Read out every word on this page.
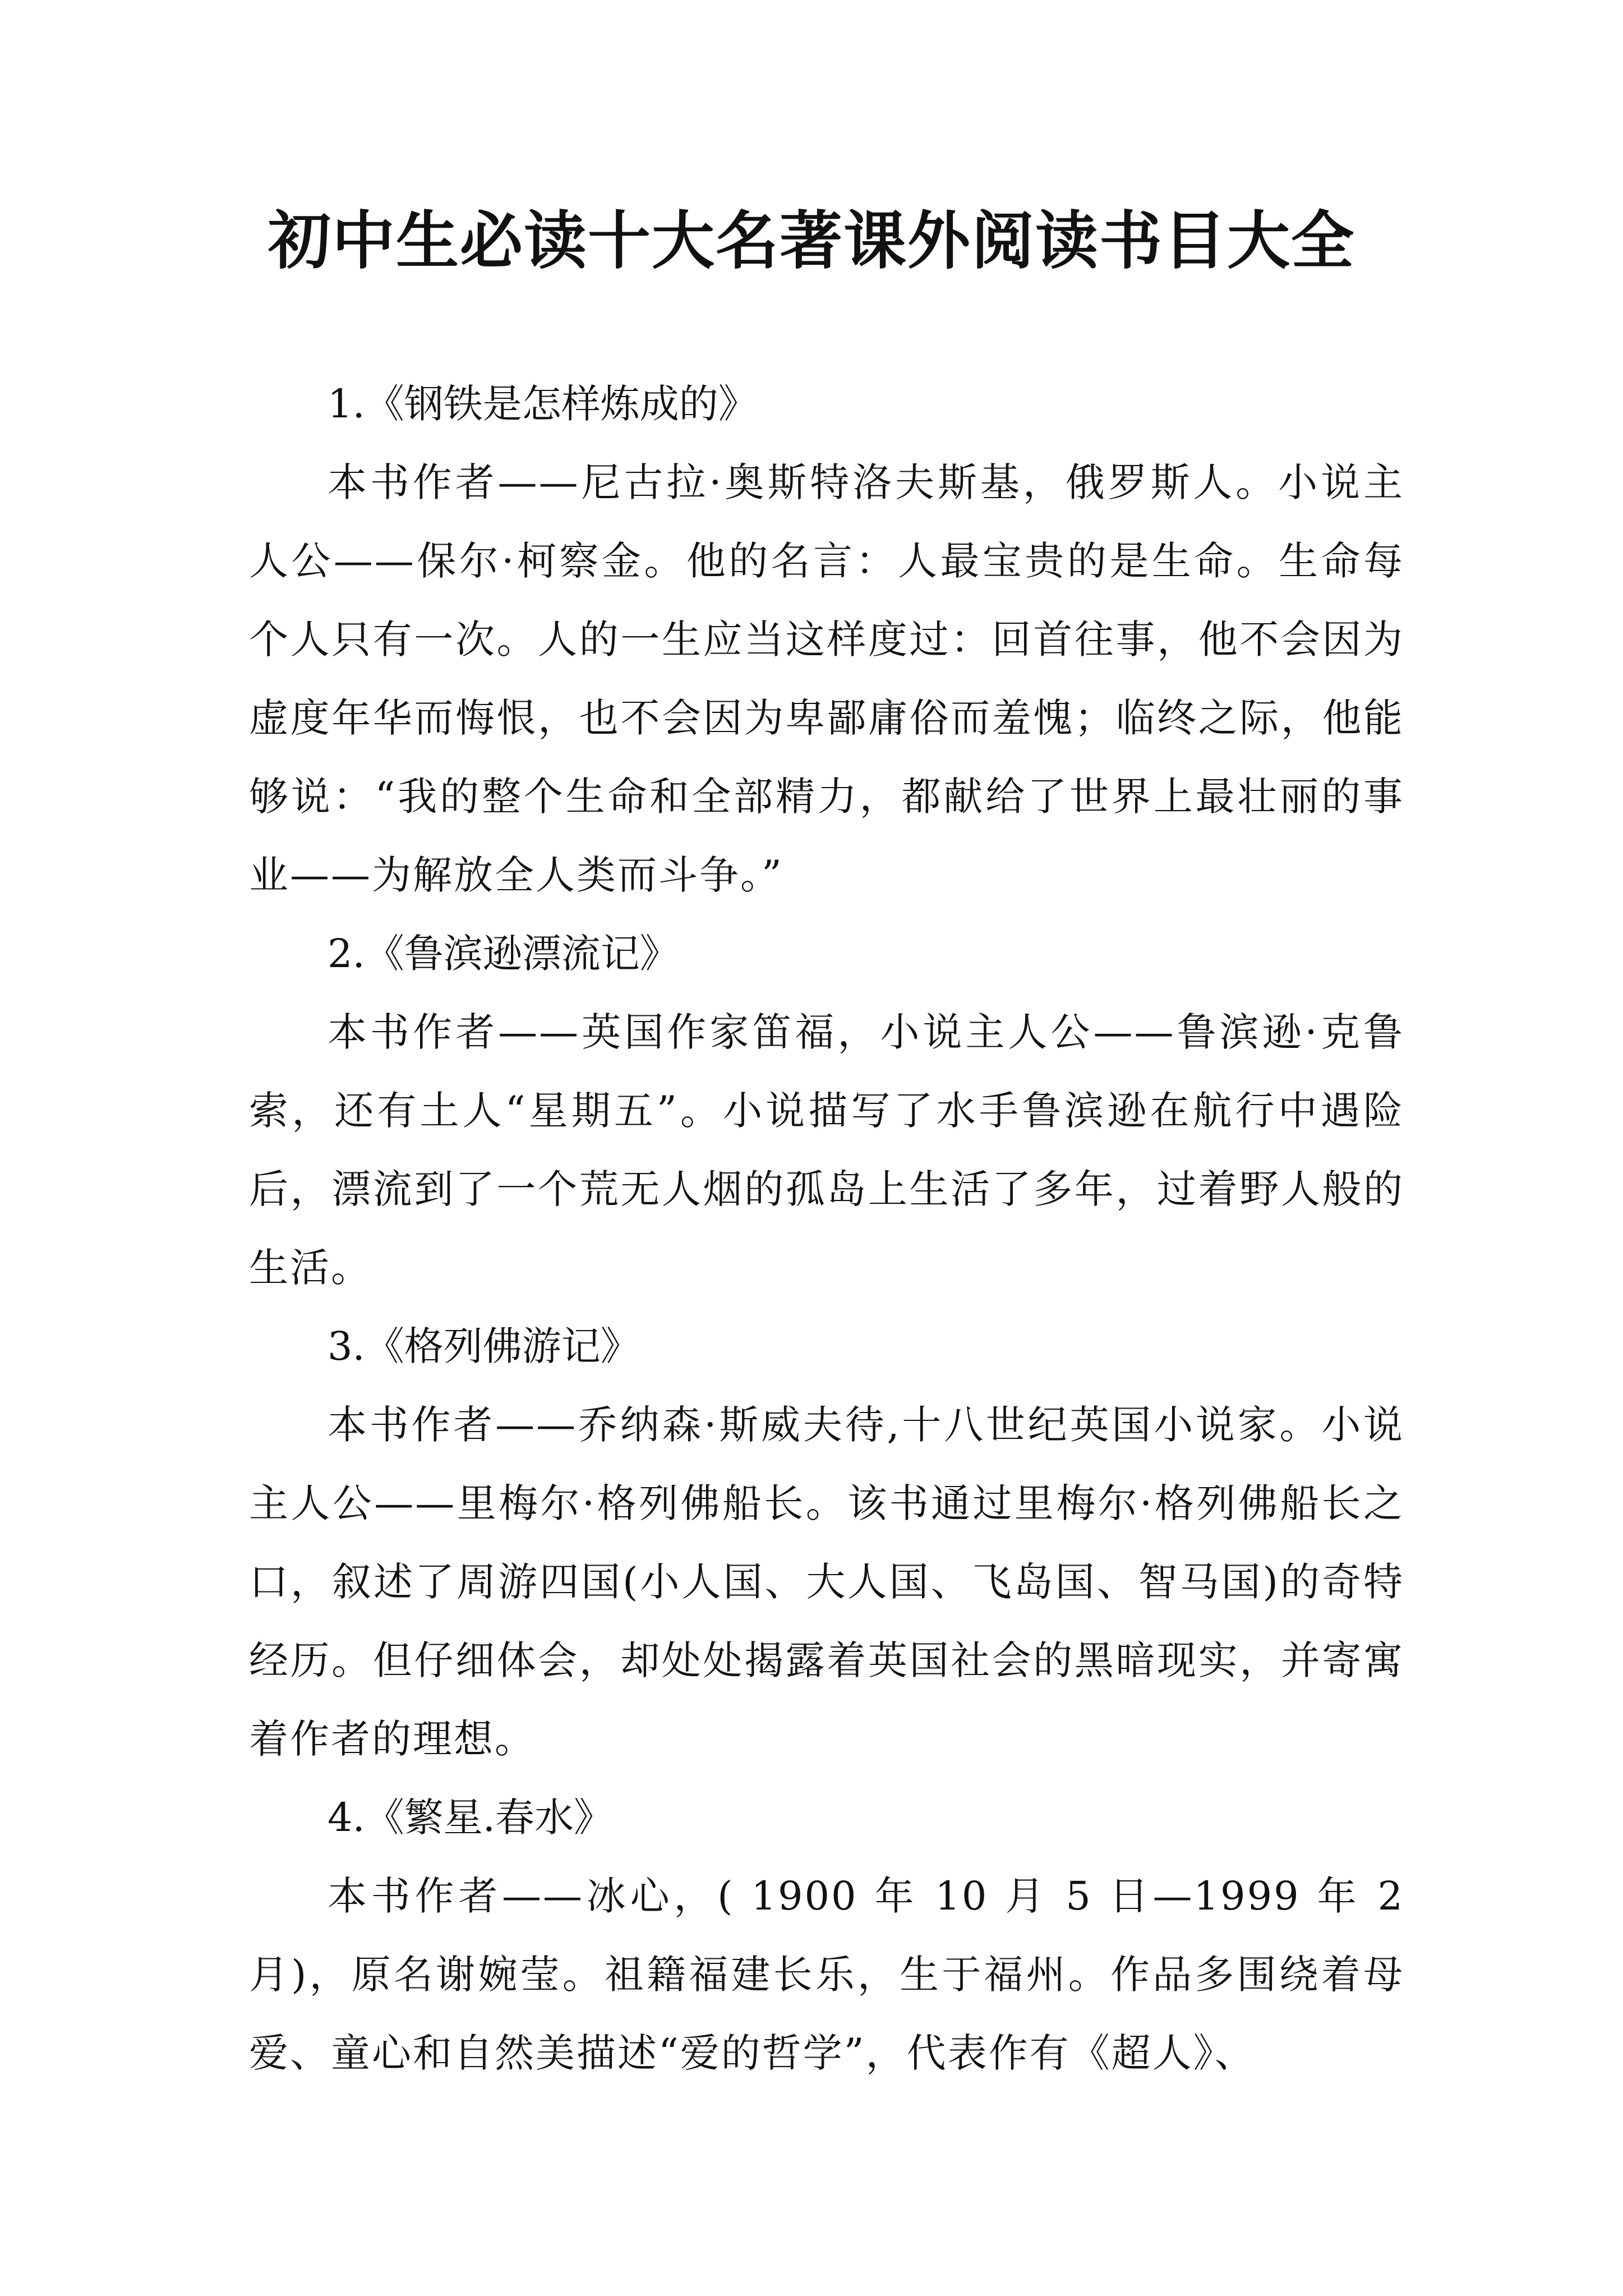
初中生必读十大名著课外阅读书目大全

1.《钢铁是怎样炼成的》

本书作者——尼古拉·奥斯特洛夫斯基，俄罗斯人。小说主人公——保尔·柯察金。他的名言：人最宝贵的是生命。生命每个人只有一次。人的一生应当这样度过：回首往事，他不会因为虚度年华而悔恨，也不会因为卑鄙庸俗而羞愧；临终之际，他能够说：“我的整个生命和全部精力，都献给了世界上最壮丽的事业——为解放全人类而斗争。”

2.《鲁滨逊漂流记》

本书作者——英国作家笛福，小说主人公——鲁滨逊·克鲁索，还有土人“星期五”。小说描写了水手鲁滨逊在航行中遇险后，漂流到了一个荒无人烟的孤岛上生活了多年，过着野人般的生活。

3.《格列佛游记》

本书作者——乔纳森·斯威夫待,十八世纪英国小说家。小说主人公——里梅尔·格列佛船长。该书通过里梅尔·格列佛船长之口，叙述了周游四国(小人国、大人国、飞岛国、智马国)的奇特经历。但仔细体会，却处处揭露着英国社会的黑暗现实，并寄寓着作者的理想。

4.《繁星.春水》

本书作者——冰心，( 1900 年 10 月 5 日—1999 年 2 月)，原名谢婉莹。祖籍福建长乐，生于福州。作品多围绕着母爱、童心和自然美描述“爱的哲学”，代表作有《超人》、
